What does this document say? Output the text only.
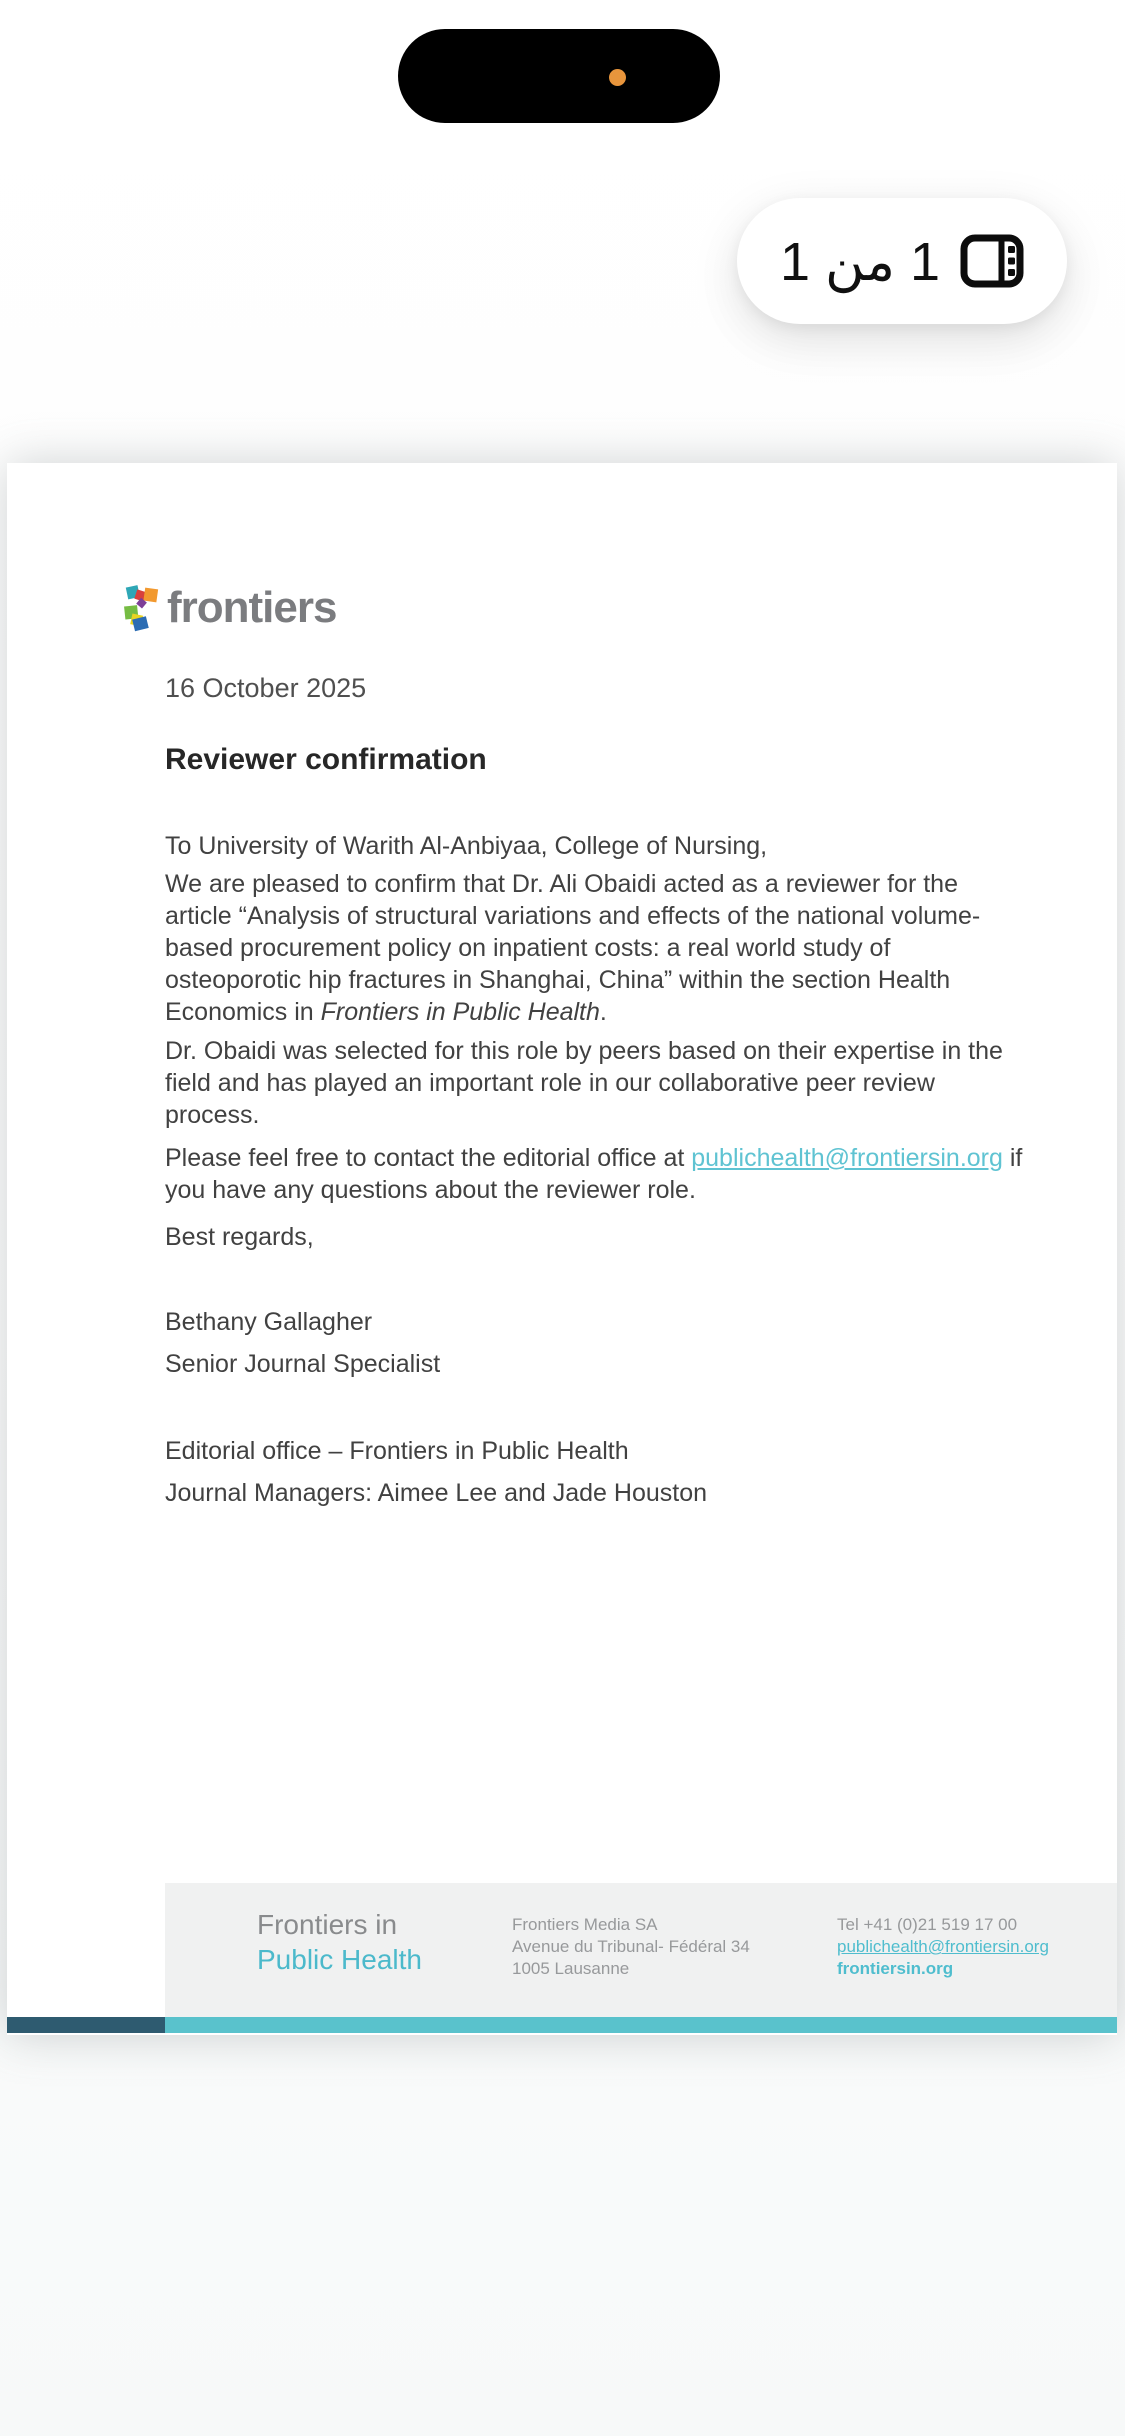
1 من 1
frontiers
16 October 2025
Reviewer confirmation
To University of Warith Al-Anbiyaa, College of Nursing,
We are pleased to confirm that Dr. Ali Obaidi acted as a reviewer for the article “Analysis of structural variations and effects of the national volume-based procurement policy on inpatient costs: a real world study of osteoporotic hip fractures in Shanghai, China” within the section Health Economics in Frontiers in Public Health.
Dr. Obaidi was selected for this role by peers based on their expertise in the field and has played an important role in our collaborative peer review process.
Please feel free to contact the editorial office at publichealth@frontiersin.org if you have any questions about the reviewer role.
Best regards,
Bethany Gallagher
Senior Journal Specialist
Editorial office – Frontiers in Public Health
Journal Managers: Aimee Lee and Jade Houston
Frontiers in
Public Health
Frontiers Media SA
Avenue du Tribunal- Fédéral 34
1005 Lausanne
Tel +41 (0)21 519 17 00
publichealth@frontiersin.org
frontiersin.org
